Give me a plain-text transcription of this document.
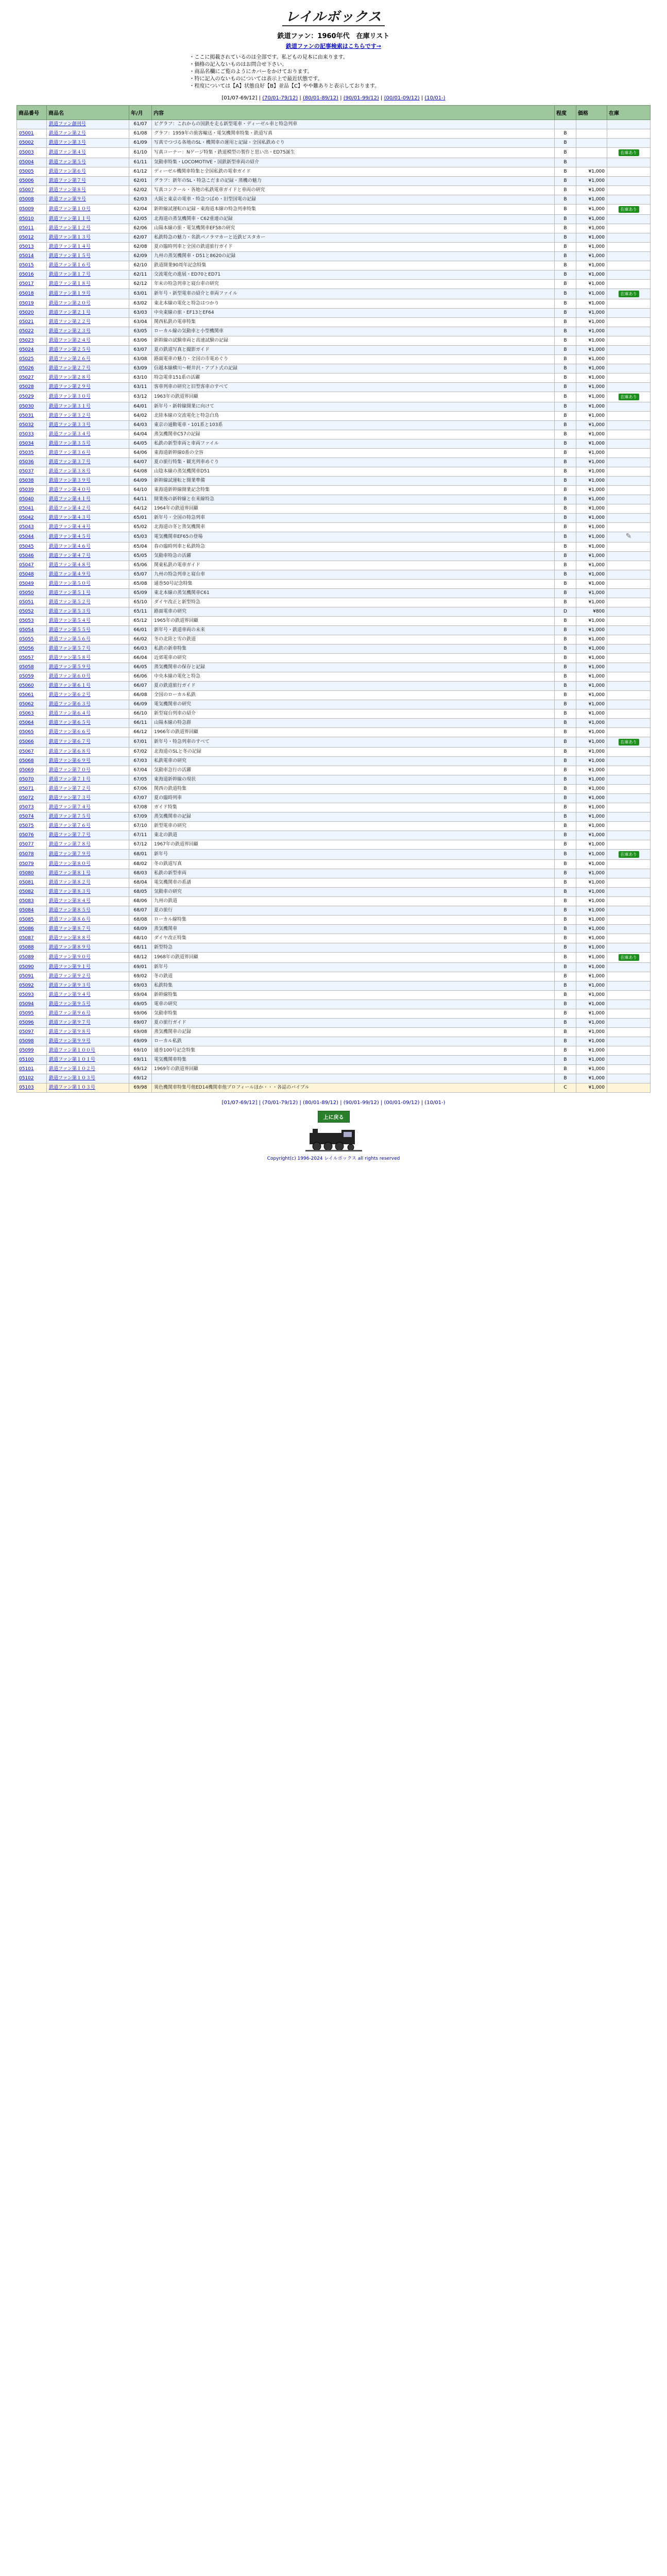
レイルボックス
鉄道ファン：1960年代　在庫リスト
鉄道ファンの記事検索はこちらです→
・ここに掲載されているのは全部です。私どもの見本に由来ります。
・価格の記入ないものはお問合せ下さい。
・商品名欄にご覧のようにカバーをかけております。
・特に記入のないものについては表示上で最近状態です。
・程度については【A】状態良好【B】並品【C】やや難ありと表示しております。
[01/07-69/12] | (70/01-79/12) | (80/01-89/12) | (90/01-99/12) | (00/01-09/12) | (10/01-)
商品番号	商品名	年/月	内容	程度	価格	在庫
	鉄道ファン創刊号	61/07	ピグラフ：これからの国鉄を走る新型電車・ディーゼル車と特急列車			
05001	鉄道ファン第２号	61/08	グラフ：1959年の旅客輸送・電気機関車特集・鉄道写真	B		
05002	鉄道ファン第３号	61/09	写真でつづる各地のSL・機関車の運用と記録・全国私鉄めぐり	B		
05003	鉄道ファン第４号	61/10	写真コーナー：Nゲージ特集・鉄道模型の製作と思い出・ED75誕生	B		在庫あり
05004	鉄道ファン第５号	61/11	気動車特集・LOCOMOTIVE・国鉄新型車両の紹介	B		
05005	鉄道ファン第６号	61/12	ディーゼル機関車特集と全国私鉄の電車ガイド	B	¥1,000	
05006	鉄道ファン第７号	62/01	グラフ：新年のSL・特急こだまの記録・蒸機の魅力	B	¥1,000	
05007	鉄道ファン第８号	62/02	写真コンクール・各地の私鉄電車ガイドと車両の研究	B	¥1,000	
05008	鉄道ファン第９号	62/03	大阪と東京の電車・特急つばめ・旧型国電の記録	B	¥1,000	
05009	鉄道ファン第１０号	62/04	新幹線試運転の記録・東海道本線の特急列車特集	B	¥1,000	在庫あり
05010	鉄道ファン第１１号	62/05	北海道の蒸気機関車・C62重連の記録	B	¥1,000	
05011	鉄道ファン第１２号	62/06	山陽本線の旅・電気機関車EF58の研究	B	¥1,000	
05012	鉄道ファン第１３号	62/07	私鉄特急の魅力・名鉄パノラマカーと近鉄ビスタカー	B	¥1,000	
05013	鉄道ファン第１４号	62/08	夏の臨時列車と全国の鉄道旅行ガイド	B	¥1,000	
05014	鉄道ファン第１５号	62/09	九州の蒸気機関車・D51と8620の記録	B	¥1,000	
05015	鉄道ファン第１６号	62/10	鉄道開業90周年記念特集	B	¥1,000	
05016	鉄道ファン第１７号	62/11	交流電化の進展・ED70とED71	B	¥1,000	
05017	鉄道ファン第１８号	62/12	年末の特急列車と寝台車の研究	B	¥1,000	
05018	鉄道ファン第１９号	63/01	新年号・新型電車の紹介と車両ファイル	B	¥1,000	在庫あり
05019	鉄道ファン第２０号	63/02	東北本線の電化と特急はつかり	B	¥1,000	
05020	鉄道ファン第２１号	63/03	中央東線の旅・EF13とEF64	B	¥1,000	
05021	鉄道ファン第２２号	63/04	関西私鉄の電車特集	B	¥1,000	
05022	鉄道ファン第２３号	63/05	ローカル線の気動車と小型機関車	B	¥1,000	
05023	鉄道ファン第２４号	63/06	新幹線の試験車両と高速試験の記録	B	¥1,000	
05024	鉄道ファン第２５号	63/07	夏の鉄道写真と撮影ガイド	B	¥1,000	
05025	鉄道ファン第２６号	63/08	路面電車の魅力・全国の市電めぐり	B	¥1,000	
05026	鉄道ファン第２７号	63/09	信越本線横川〜軽井沢・アプト式の記録	B	¥1,000	
05027	鉄道ファン第２８号	63/10	特急電車151系の活躍	B	¥1,000	
05028	鉄道ファン第２９号	63/11	客車列車の研究と旧型客車のすべて	B	¥1,000	
05029	鉄道ファン第３０号	63/12	1963年の鉄道界回顧	B	¥1,000	在庫あり
05030	鉄道ファン第３１号	64/01	新年号・新幹線開業に向けて	B	¥1,000	
05031	鉄道ファン第３２号	64/02	北陸本線の交流電化と特急白鳥	B	¥1,000	
05032	鉄道ファン第３３号	64/03	東京の通勤電車・101系と103系	B	¥1,000	
05033	鉄道ファン第３４号	64/04	蒸気機関車C57の記録	B	¥1,000	
05034	鉄道ファン第３５号	64/05	私鉄の新型車両と車両ファイル	B	¥1,000	
05035	鉄道ファン第３６号	64/06	東海道新幹線0系の全容	B	¥1,000	
05036	鉄道ファン第３７号	64/07	夏の旅行特集・観光列車めぐり	B	¥1,000	
05037	鉄道ファン第３８号	64/08	山陰本線の蒸気機関車D51	B	¥1,000	
05038	鉄道ファン第３９号	64/09	新幹線試運転と開業準備	B	¥1,000	
05039	鉄道ファン第４０号	64/10	東海道新幹線開業記念特集	B	¥1,000	
05040	鉄道ファン第４１号	64/11	開業後の新幹線と在来線特急	B	¥1,000	
05041	鉄道ファン第４２号	64/12	1964年の鉄道界回顧	B	¥1,000	
05042	鉄道ファン第４３号	65/01	新年号・全国の特急列車	B	¥1,000	
05043	鉄道ファン第４４号	65/02	北海道の冬と蒸気機関車	B	¥1,000	
05044	鉄道ファン第４５号	65/03	電気機関車EF65の登場	B	¥1,000	✎
05045	鉄道ファン第４６号	65/04	春の臨時列車と私鉄特急	B	¥1,000	
05046	鉄道ファン第４７号	65/05	気動車特急の活躍	B	¥1,000	
05047	鉄道ファン第４８号	65/06	関東私鉄の電車ガイド	B	¥1,000	
05048	鉄道ファン第４９号	65/07	九州の特急列車と寝台車	B	¥1,000	
05049	鉄道ファン第５０号	65/08	通巻50号記念特集	B	¥1,000	
05050	鉄道ファン第５１号	65/09	東北本線の蒸気機関車C61	B	¥1,000	
05051	鉄道ファン第５２号	65/10	ダイヤ改正と新型特急	B	¥1,000	
05052	鉄道ファン第５３号	65/11	路面電車の研究	D	¥800	
05053	鉄道ファン第５４号	65/12	1965年の鉄道界回顧	B	¥1,000	
05054	鉄道ファン第５５号	66/01	新年号・鉄道車両の未来	B	¥1,000	
05055	鉄道ファン第５６号	66/02	冬の北陸と雪の鉄道	B	¥1,000	
05056	鉄道ファン第５７号	66/03	私鉄の新車特集	B	¥1,000	
05057	鉄道ファン第５８号	66/04	近郊電車の研究	B	¥1,000	
05058	鉄道ファン第５９号	66/05	蒸気機関車の保存と記録	B	¥1,000	
05059	鉄道ファン第６０号	66/06	中央本線の電化と特急	B	¥1,000	
05060	鉄道ファン第６１号	66/07	夏の鉄道旅行ガイド	B	¥1,000	
05061	鉄道ファン第６２号	66/08	全国のローカル私鉄	B	¥1,000	
05062	鉄道ファン第６３号	66/09	電気機関車の研究	B	¥1,000	
05063	鉄道ファン第６４号	66/10	新型寝台列車の紹介	B	¥1,000	
05064	鉄道ファン第６５号	66/11	山陽本線の特急群	B	¥1,000	
05065	鉄道ファン第６６号	66/12	1966年の鉄道界回顧	B	¥1,000	
05066	鉄道ファン第６７号	67/01	新年号・特急列車のすべて	B	¥1,000	在庫あり
05067	鉄道ファン第６８号	67/02	北海道のSLと冬の記録	B	¥1,000	
05068	鉄道ファン第６９号	67/03	私鉄電車の研究	B	¥1,000	
05069	鉄道ファン第７０号	67/04	気動車急行の活躍	B	¥1,000	
05070	鉄道ファン第７１号	67/05	東海道新幹線の現状	B	¥1,000	
05071	鉄道ファン第７２号	67/06	関西の鉄道特集	B	¥1,000	
05072	鉄道ファン第７３号	67/07	夏の臨時列車	B	¥1,000	
05073	鉄道ファン第７４号	67/08	ガイド特集	B	¥1,000	
05074	鉄道ファン第７５号	67/09	蒸気機関車の記録	B	¥1,000	
05075	鉄道ファン第７６号	67/10	新型電車の研究	B	¥1,000	
05076	鉄道ファン第７７号	67/11	東北の鉄道	B	¥1,000	
05077	鉄道ファン第７８号	67/12	1967年の鉄道界回顧	B	¥1,000	
05078	鉄道ファン第７９号	68/01	新年号	B	¥1,000	在庫あり
05079	鉄道ファン第８０号	68/02	冬の鉄道写真	B	¥1,000	
05080	鉄道ファン第８１号	68/03	私鉄の新型車両	B	¥1,000	
05081	鉄道ファン第８２号	68/04	電気機関車の系譜	B	¥1,000	
05082	鉄道ファン第８３号	68/05	気動車の研究	B	¥1,000	
05083	鉄道ファン第８４号	68/06	九州の鉄道	B	¥1,000	
05084	鉄道ファン第８５号	68/07	夏の旅行	B	¥1,000	
05085	鉄道ファン第８６号	68/08	ローカル線特集	B	¥1,000	
05086	鉄道ファン第８７号	68/09	蒸気機関車	B	¥1,000	
05087	鉄道ファン第８８号	68/10	ダイヤ改正特集	B	¥1,000	
05088	鉄道ファン第８９号	68/11	新型特急	B	¥1,000	
05089	鉄道ファン第９０号	68/12	1968年の鉄道界回顧	B	¥1,000	在庫あり
05090	鉄道ファン第９１号	69/01	新年号	B	¥1,000	
05091	鉄道ファン第９２号	69/02	冬の鉄道	B	¥1,000	
05092	鉄道ファン第９３号	69/03	私鉄特集	B	¥1,000	
05093	鉄道ファン第９４号	69/04	新幹線特集	B	¥1,000	
05094	鉄道ファン第９５号	69/05	電車の研究	B	¥1,000	
05095	鉄道ファン第９６号	69/06	気動車特集	B	¥1,000	
05096	鉄道ファン第９７号	69/07	夏の旅行ガイド	B	¥1,000	
05097	鉄道ファン第９８号	69/08	蒸気機関車の記録	B	¥1,000	
05098	鉄道ファン第９９号	69/09	ローカル私鉄	B	¥1,000	
05099	鉄道ファン第１００号	69/10	通巻100号記念特集	B	¥1,000	
05100	鉄道ファン第１０１号	69/11	電気機関車特集	B	¥1,000	
05101	鉄道ファン第１０２号	69/12	1969年の鉄道界回顧	B	¥1,000	
05102	鉄道ファン第１０３号	69/12		B	¥1,000	
05103	鉄道ファン第１０３号	69/98	異色機関車特集号他ED14機関車他プロフィールほか・・・各誌のバイブル	C	¥1,000	
[01/07-69/12] | (70/01-79/12) | (80/01-89/12) | (90/01-99/12) | (00/01-09/12) | (10/01-)
上に戻る
Copyright(c) 1996-2024 レイルボックス all rights reserved
